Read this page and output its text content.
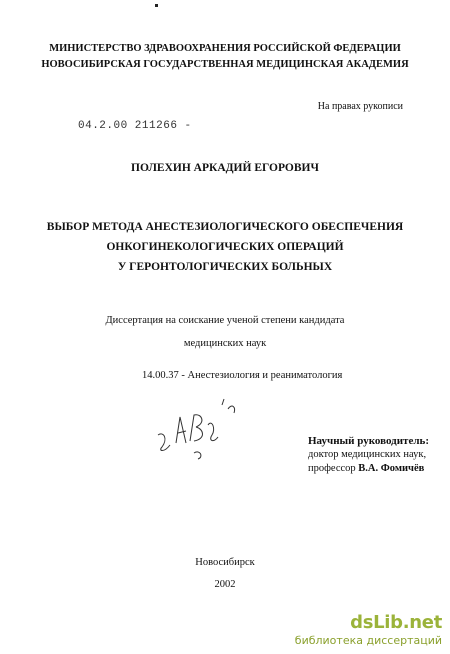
МИНИСТЕРСТВО ЗДРАВООХРАНЕНИЯ РОССИЙСКОЙ ФЕДЕРАЦИИ
НОВОСИБИРСКАЯ ГОСУДАРСТВЕННАЯ МЕДИЦИНСКАЯ АКАДЕМИЯ
На правах рукописи
04.2.00 211266 -
ПОЛЕХИН АРКАДИЙ ЕГОРОВИЧ
ВЫБОР МЕТОДА АНЕСТЕЗИОЛОГИЧЕСКОГО ОБЕСПЕЧЕНИЯ
ОНКОГИНЕКОЛОГИЧЕСКИХ ОПЕРАЦИЙ
У ГЕРОНТОЛОГИЧЕСКИХ БОЛЬНЫХ
Диссертация на соискание ученой степени кандидата
медицинских наук
14.00.37 - Анестезиология и реаниматология
Научный руководитель:
доктор медицинских наук,
профессор В.А. Фомичёв
Новосибирск
2002
dsLib.net
библиотека диссертаций
